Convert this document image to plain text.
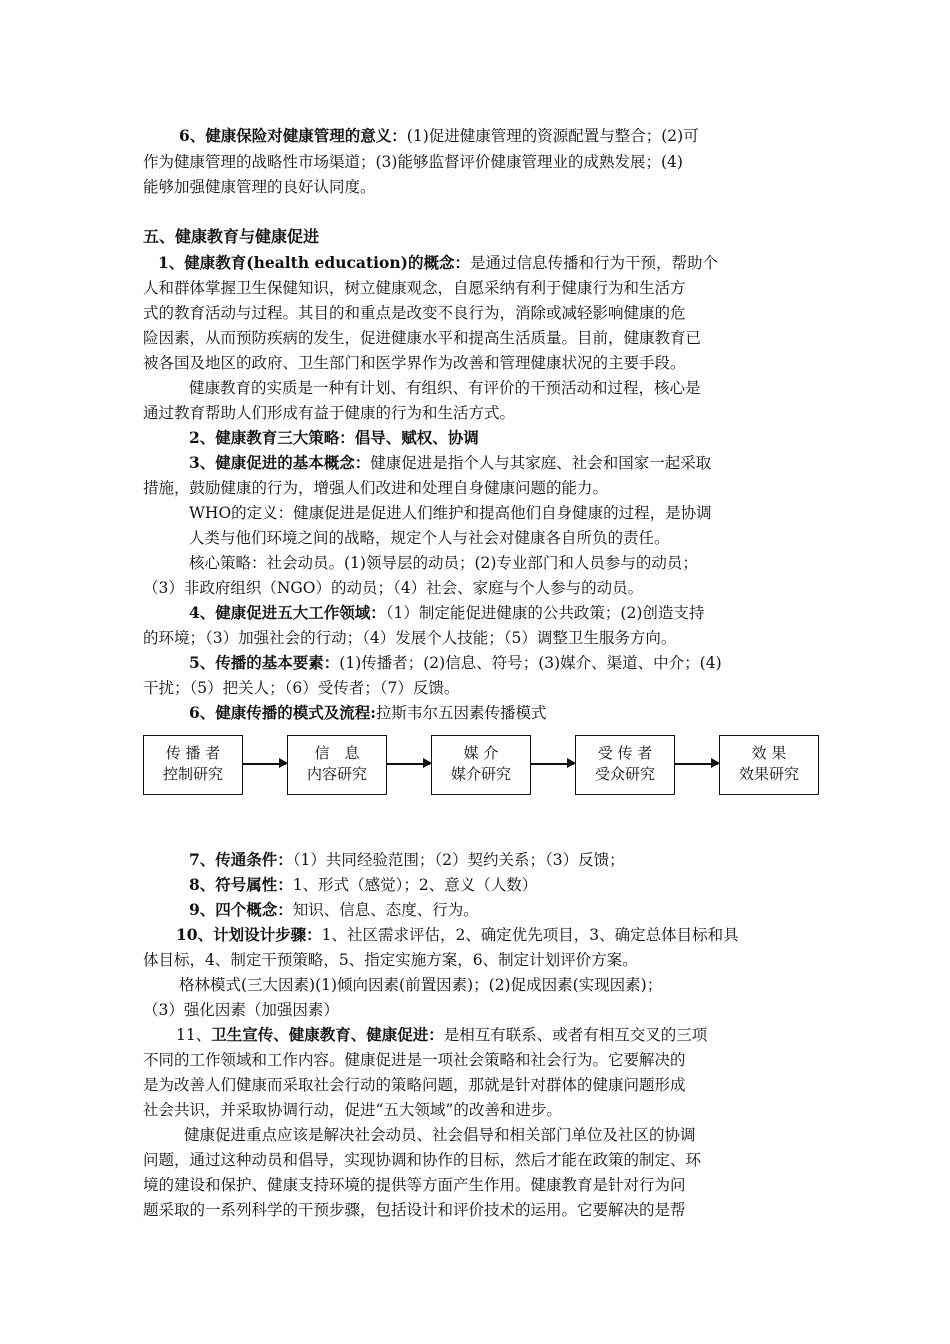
6、健康保险对健康管理的意义：(1)促进健康管理的资源配置与整合；(2)可
作为健康管理的战略性市场渠道；(3)能够监督评价健康管理业的成熟发展；(4)
能够加强健康管理的良好认同度。
五、健康教育与健康促进
1、健康教育(health education)的概念：是通过信息传播和行为干预，帮助个
人和群体掌握卫生保健知识，树立健康观念，自愿采纳有利于健康行为和生活方
式的教育活动与过程。其目的和重点是改变不良行为，消除或减轻影响健康的危
险因素，从而预防疾病的发生，促进健康水平和提高生活质量。目前，健康教育已
被各国及地区的政府、卫生部门和医学界作为改善和管理健康状况的主要手段。
健康教育的实质是一种有计划、有组织、有评价的干预活动和过程，核心是
通过教育帮助人们形成有益于健康的行为和生活方式。
2、健康教育三大策略：倡导、赋权、协调
3、健康促进的基本概念：健康促进是指个人与其家庭、社会和国家一起采取
措施，鼓励健康的行为，增强人们改进和处理自身健康问题的能力。
WHO的定义：健康促进是促进人们维护和提高他们自身健康的过程，是协调
人类与他们环境之间的战略，规定个人与社会对健康各自所负的责任。
核心策略：社会动员。(1)领导层的动员；(2)专业部门和人员参与的动员；
（3）非政府组织（NGO）的动员；（4）社会、家庭与个人参与的动员。
4、健康促进五大工作领域：（1）制定能促进健康的公共政策；(2)创造支持
的环境；（3）加强社会的行动；（4）发展个人技能；（5）调整卫生服务方向。
5、传播的基本要素：(1)传播者；(2)信息、符号；(3)媒介、渠道、中介；(4)
干扰；（5）把关人；（6）受传者；（7）反馈。
6、健康传播的模式及流程:拉斯韦尔五因素传播模式
传 播 者
控制研究
信　息
内容研究
媒 介
媒介研究
受 传 者
受众研究
效 果
效果研究
7、传通条件：（1）共同经验范围；（2）契约关系；（3）反馈；
8、符号属性：1、形式（感觉）；2、意义（人数）
9、四个概念：知识、信息、态度、行为。
10、计划设计步骤：1、社区需求评估，2、确定优先项目，3、确定总体目标和具
体目标，4、制定干预策略，5、指定实施方案，6、制定计划评价方案。
格林模式(三大因素)(1)倾向因素(前置因素)；(2)促成因素(实现因素)；
（3）强化因素（加强因素）
11、卫生宣传、健康教育、健康促进：是相互有联系、或者有相互交叉的三项
不同的工作领域和工作内容。健康促进是一项社会策略和社会行为。它要解决的
是为改善人们健康而采取社会行动的策略问题，那就是针对群体的健康问题形成
社会共识，并采取协调行动，促进“五大领域”的改善和进步。
健康促进重点应该是解决社会动员、社会倡导和相关部门单位及社区的协调
问题，通过这种动员和倡导，实现协调和协作的目标，然后才能在政策的制定、环
境的建设和保护、健康支持环境的提供等方面产生作用。健康教育是针对行为问
题采取的一系列科学的干预步骤，包括设计和评价技术的运用。它要解决的是帮
